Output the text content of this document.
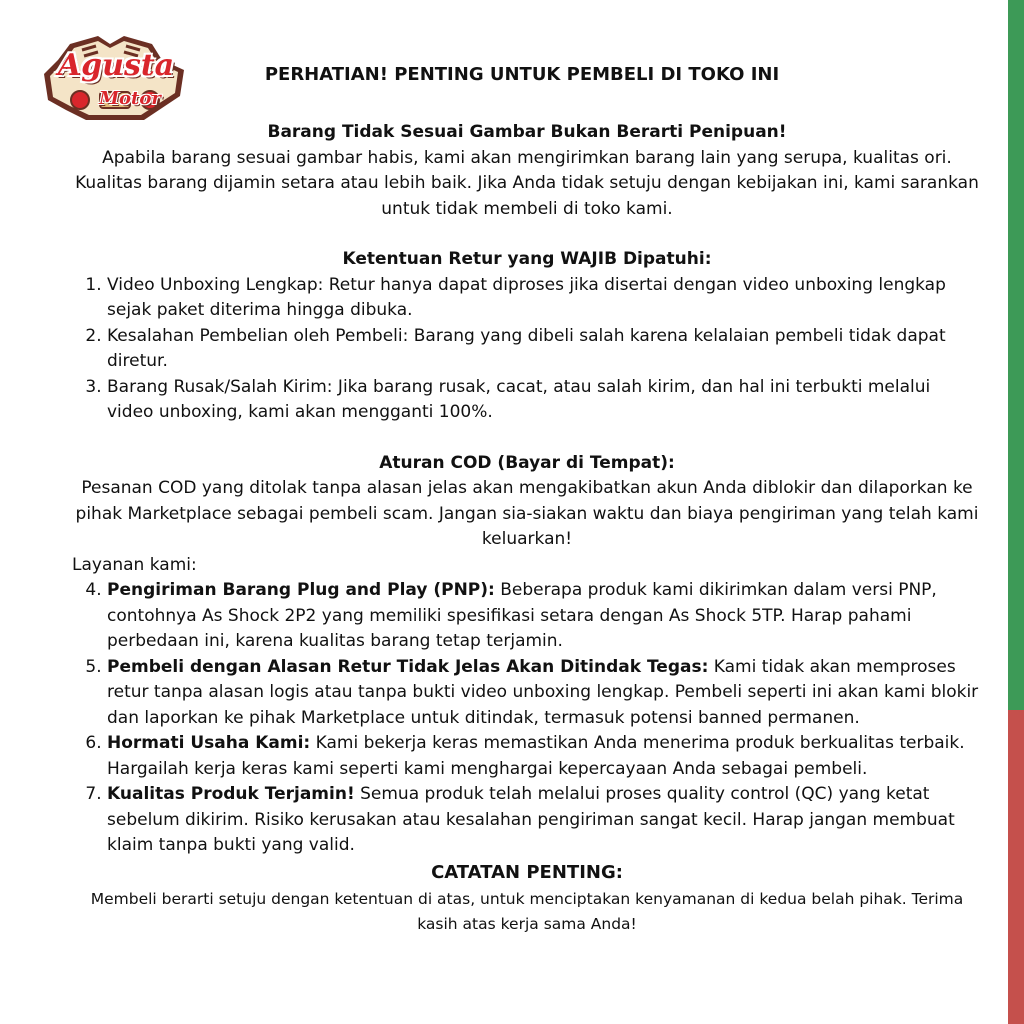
Agusta
Motor
PERHATIAN! PENTING UNTUK PEMBELI DI TOKO INI

Barang Tidak Sesuai Gambar Bukan Berarti Penipuan!

Apabila barang sesuai gambar habis, kami akan mengirimkan barang lain yang serupa, kualitas ori. Kualitas barang dijamin setara atau lebih baik. Jika Anda tidak setuju dengan kebijakan ini, kami sarankan untuk tidak membeli di toko kami.

Ketentuan Retur yang WAJIB Dipatuhi:

1. Video Unboxing Lengkap: Retur hanya dapat diproses jika disertai dengan video unboxing lengkap sejak paket diterima hingga dibuka.
2. Kesalahan Pembelian oleh Pembeli: Barang yang dibeli salah karena kelalaian pembeli tidak dapat diretur.
3. Barang Rusak/Salah Kirim: Jika barang rusak, cacat, atau salah kirim, dan hal ini terbukti melalui video unboxing, kami akan mengganti 100%.

Aturan COD (Bayar di Tempat):

Pesanan COD yang ditolak tanpa alasan jelas akan mengakibatkan akun Anda diblokir dan dilaporkan ke pihak Marketplace sebagai pembeli scam. Jangan sia-siakan waktu dan biaya pengiriman yang telah kami keluarkan!

Layanan kami:

4. Pengiriman Barang Plug and Play (PNP): Beberapa produk kami dikirimkan dalam versi PNP, contohnya As Shock 2P2 yang memiliki spesifikasi setara dengan As Shock 5TP. Harap pahami perbedaan ini, karena kualitas barang tetap terjamin.
5. Pembeli dengan Alasan Retur Tidak Jelas Akan Ditindak Tegas: Kami tidak akan memproses retur tanpa alasan logis atau tanpa bukti video unboxing lengkap. Pembeli seperti ini akan kami blokir dan laporkan ke pihak Marketplace untuk ditindak, termasuk potensi banned permanen.
6. Hormati Usaha Kami: Kami bekerja keras memastikan Anda menerima produk berkualitas terbaik. Hargailah kerja keras kami seperti kami menghargai kepercayaan Anda sebagai pembeli.
7. Kualitas Produk Terjamin! Semua produk telah melalui proses quality control (QC) yang ketat sebelum dikirim. Risiko kerusakan atau kesalahan pengiriman sangat kecil. Harap jangan membuat klaim tanpa bukti yang valid.

CATATAN PENTING:

Membeli berarti setuju dengan ketentuan di atas, untuk menciptakan kenyamanan di kedua belah pihak. Terima kasih atas kerja sama Anda!
